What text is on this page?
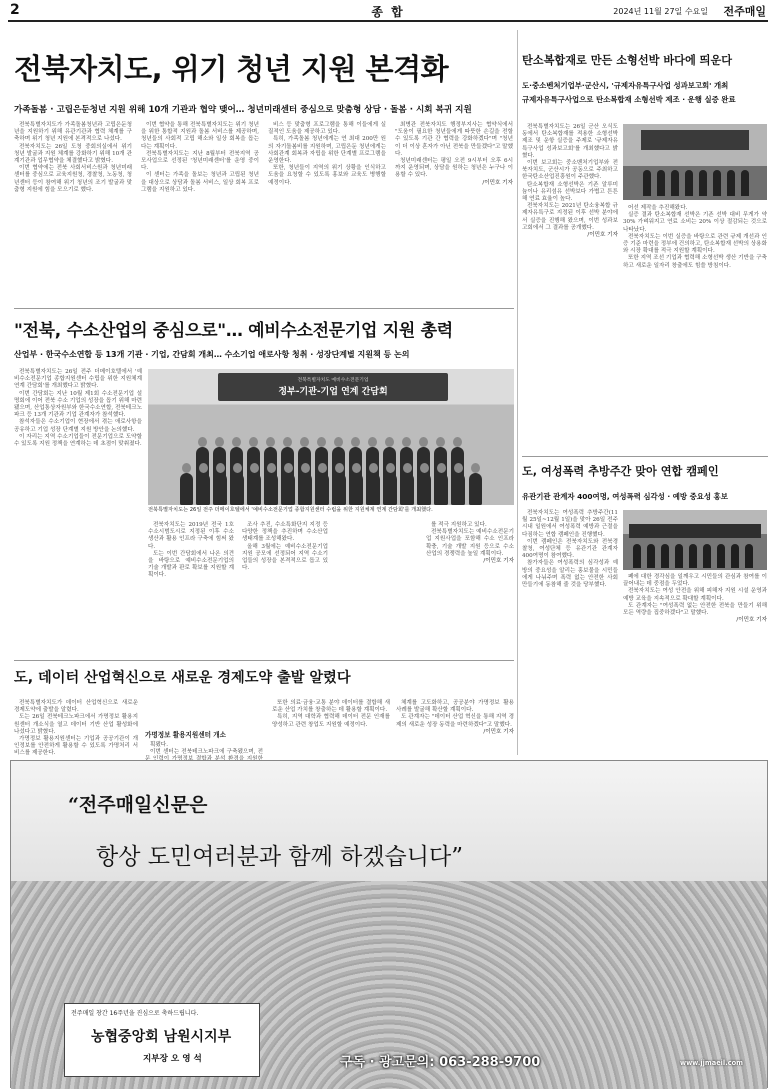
2	종 합	2024년 11월 27일 수요일 전주매일
전북자치도, 위기 청년 지원 본격화
가족돌봄 · 고립은둔청년 지원 위해 10개 기관과 협약 맺어… 청년미래센터 중심으로 맞춤형 상담 · 돌봄 · 시회 복귀 지원
전북특별자치도가 가족돌봄청년과 고립은둔청년을 지원하기 위해 유관기관과 협력 체계를 구축하며 위기 청년 지원에 본격적으로 나섰다.
전북자치도는 26일 도청 중회의실에서 위기 청년 발굴과 지원 체계를 강화하기 위해 10개 관계기관과 업무협약을 체결했다고 밝혔다.
이번 협약에는 전북 사회서비스원과 청년미래센터를 중심으로 교육지원청, 경찰청, 노동청, 청년센터 등이 참여해 위기 청년의 조기 발굴과 맞춤형 지원에 힘을 모으기로 했다.
이번 협약을 통해 전북특별자치도는 위기 청년을 위한 통합적 지원과 돌봄 서비스를 제공하며, 청년들의 사회적 고립 해소와 일상 회복을 돕는다는 계획이다.
전북특별자치도는 지난 8월부터 전북지역 공모사업으로 선정된 '청년미래센터'를 운영 중이다.
이 센터는 가족을 돌보는 청년과 고립된 청년을 대상으로 상담과 돌봄 서비스, 일상 회복 프로그램을 지원하고 있다.
비스 등 맞춤형 프로그램을 통해 이들에게 실질적인 도움을 제공하고 있다.
특히, 가족돌봄 청년에게는 연 최대 200만 원의 자기돌봄비를 지원하며, 고립은둔 청년에게는 사회관계 회복과 자립을 위한 단계별 프로그램을 운영한다.
또한, 청년들이 지역의 위기 상황을 인식하고 도움을 요청할 수 있도록 홍보와 교육도 병행할 예정이다.
최병관 전북자치도 행정부지사는 협약식에서 "도움이 필요한 청년들에게 따뜻한 손길을 전할 수 있도록 기관 간 협력을 강화하겠다"며 "청년이 더 이상 혼자가 아닌 전북을 만들겠다"고 말했다.
청년미래센터는 평일 오전 9시부터 오후 6시까지 운영되며, 상담을 원하는 청년은 누구나 이용할 수 있다.
/이민호 기자
탄소복합재로 만든 소형선박 바다에 띄운다
도·중소벤처기업부·군산시, '규제자유특구사업 성과보고회' 개최
규제자유특구사업으로 탄소복합재 소형선박 제조 · 운행 실증 완료
전북특별자치도는 26일 군산 오식도동에서 탄소복합재를 적용한 소형선박 제조 및 운항 실증을 주제로 '규제자유특구사업 성과보고회'를 개최했다고 밝혔다.
이번 보고회는 중소벤처기업부와 전북자치도, 군산시가 공동으로 주최하고 한국탄소산업진흥원이 주관했다.
탄소복합재 소형선박은 기존 알루미늄이나 유리섬유 선박보다 가볍고 튼튼해 연료 효율이 높다.
전북자치도는 2021년 탄소융복합 규제자유특구로 지정된 이후 선박 분야에서 실증을 진행해 왔으며, 이번 성과보고회에서 그 결과를 공개했다.
/이민호 기자
어선 제작을 추진해왔다.
실증 결과 탄소복합재 선박은 기존 선박 대비 무게가 약 30% 가벼워지고 연료 소비는 20% 이상 절감되는 것으로 나타났다.
전북자치도는 이번 실증을 바탕으로 관련 규제 개선과 인증 기준 마련을 정부에 건의하고, 탄소복합재 선박의 상용화와 시장 확대를 적극 지원할 계획이다.
또한 지역 조선 기업과 협력해 소형선박 생산 기반을 구축하고 새로운 일자리 창출에도 힘쓸 방침이다.
"전북, 수소산업의 중심으로"… 예비수소전문기업 지원 총력
산업부 · 한국수소연합 등 13개 기관 · 기업, 간담회 개최… 수소기업 애로사항 청취 · 성장단계별 지원책 등 논의
전북특별자치도는 26일 전주 더메이호텔에서 '예비수소전문기업 종합지원센터 수립을 위한 지원체계 연계 간담회'를 개최했다고 밝혔다.
이번 간담회는 지난 10월 제1회 수소전문기업 설명회에 이어 전북 수소 기업의 성장을 돕기 위해 마련됐으며, 산업통상자원부와 한국수소연합, 전북테크노파크 등 13개 기관과 기업 관계자가 참석했다.
참석자들은 수소기업이 현장에서 겪는 애로사항을 공유하고 기업 성장 단계별 지원 방안을 논의했다.
이 자리는 지역 수소기업들이 전문기업으로 도약할 수 있도록 지원 정책을 연계하는 데 초점이 맞춰졌다.
전북특별자치도 예비수소전문기업
정부-기관-기업 연계 간담회
전북특별자치도는 26일 전주 더메이호텔에서 '예비수소전문기업 종합지원센터 수립을 위한 지원체계 연계 간담회'를 개최했다.
전북자치도는 2019년 전국 1호 수소시범도시로 지정된 이후 수소 생산과 활용 인프라 구축에 힘써 왔다.
도는 이번 간담회에서 나온 의견을 바탕으로 예비수소전문기업의 기술 개발과 판로 확보를 지원할 계획이다.
조사 추진, 수소특화단지 지정 등 다양한 정책을 추진하며 수소산업 생태계를 조성해왔다.
올해 3월에는 예비수소전문기업 지원 공모에 선정되어 지역 수소기업들의 성장을 본격적으로 돕고 있다.
를 적극 지원하고 있다.
전북특별자치도는 예비수소전문기업 지원사업을 포함해 수소 인프라 확충, 기술 개발 지원 등으로 수소 산업의 경쟁력을 높일 계획이다.
/이민호 기자
도, 데이터 산업혁신으로 새로운 경제도약 출발 알렸다
전북특별자치도가 데이터 산업혁신으로 새로운 경제도약에 출발을 알렸다.
도는 26일 전북테크노파크에서 가명정보 활용지원센터 개소식을 열고 데이터 기반 산업 활성화에 나섰다고 밝혔다.
가명정보 활용지원센터는 기업과 공공기관이 개인정보를 안전하게 활용할 수 있도록 가명처리 서비스를 제공한다.
가명정보 활용지원센터 개소
획됐다.
이번 센터는 전북테크노파크에 구축됐으며, 전
또한 의료·금융·교통 분야 데이터를 결합해 새로운 산업 가치를 창출하는 데 활용할 계획이다.
특히, 지역 대학과 협력해 데이터 전문 인재를 양성하고 관련 창업도 지원할 예정이다.
체계를 고도화하고, 공공분야 가명정보 활용 사례를 발굴해 확산할 계획이다.
도 관계자는 "데이터 산업 혁신을 통해 지역 경제의 새로운 성장 동력을 마련하겠다"고 말했다.
/이민호 기자
도, 여성폭력 추방주간 맞아 연합 캠페인
유관기관 관계자 400여명, 여성폭력 심각성 · 예방 중요성 홍보
전북자치도는 여성폭력 추방주간(11월 25일~12월 1일)을 맞아 26일 전주 시내 일원에서 여성폭력 예방과 근절을 다짐하는 연합 캠페인을 진행했다.
이번 캠페인은 전북자치도와 전북경찰청, 여성단체 등 유관기관 관계자 400여명이 참여했다.
참가자들은 여성폭력의 심각성과 예방의 중요성을 알리는 홍보물을 시민들에게 나눠주며 폭력 없는 안전한 사회 만들기에 동참해 줄 것을 당부했다.
폐에 대한 경각심을 일깨우고 시민들의 관심과 참여를 이끌어내는 데 중점을 두었다.
전북자치도는 여성 안전을 위해 피해자 지원 시설 운영과 예방 교육을 지속적으로 확대할 계획이다.
도 관계자는 "여성폭력 없는 안전한 전북을 만들기 위해 모든 역량을 집중하겠다"고 말했다.
/이민호 기자
“전주매일신문은
항상 도민여러분과 함께 하겠습니다”
전주매일 창간 16주년을 진심으로 축하드립니다.
농협중앙회 남원시지부
지부장 오 영 석	구독 · 광고문의: 063-288-9700	www.jjmaeil.com
